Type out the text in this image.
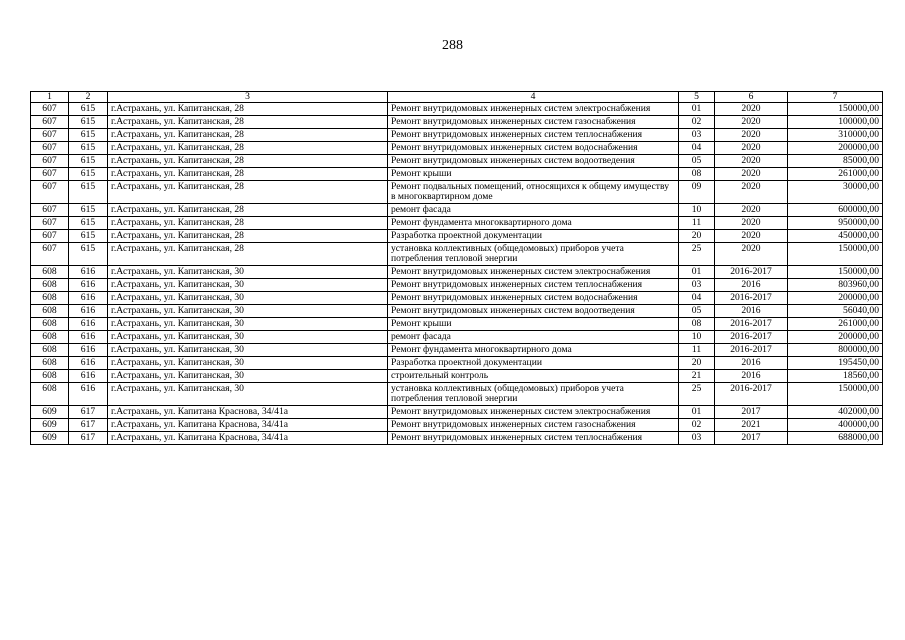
288
1	2	3	4	5	6	7
607	615	г.Астрахань, ул. Капитанская, 28	Ремонт внутридомовых инженерных систем электроснабжения	01	2020	150000,00
607	615	г.Астрахань, ул. Капитанская, 28	Ремонт внутридомовых инженерных систем газоснабжения	02	2020	100000,00
607	615	г.Астрахань, ул. Капитанская, 28	Ремонт внутридомовых инженерных систем теплоснабжения	03	2020	310000,00
607	615	г.Астрахань, ул. Капитанская, 28	Ремонт внутридомовых инженерных систем водоснабжения	04	2020	200000,00
607	615	г.Астрахань, ул. Капитанская, 28	Ремонт внутридомовых инженерных систем водоотведения	05	2020	85000,00
607	615	г.Астрахань, ул. Капитанская, 28	Ремонт крыши	08	2020	261000,00
607	615	г.Астрахань, ул. Капитанская, 28	Ремонт подвальных помещений, относящихся к общему имуществу в многоквартирном доме	09	2020	30000,00
607	615	г.Астрахань, ул. Капитанская, 28	ремонт фасада	10	2020	600000,00
607	615	г.Астрахань, ул. Капитанская, 28	Ремонт фундамента многоквартирного дома	11	2020	950000,00
607	615	г.Астрахань, ул. Капитанская, 28	Разработка проектной документации	20	2020	450000,00
607	615	г.Астрахань, ул. Капитанская, 28	установка коллективных (общедомовых) приборов учета потребления тепловой энергии	25	2020	150000,00
608	616	г.Астрахань, ул. Капитанская, 30	Ремонт внутридомовых инженерных систем электроснабжения	01	2016-2017	150000,00
608	616	г.Астрахань, ул. Капитанская, 30	Ремонт внутридомовых инженерных систем теплоснабжения	03	2016	803960,00
608	616	г.Астрахань, ул. Капитанская, 30	Ремонт внутридомовых инженерных систем водоснабжения	04	2016-2017	200000,00
608	616	г.Астрахань, ул. Капитанская, 30	Ремонт внутридомовых инженерных систем водоотведения	05	2016	56040,00
608	616	г.Астрахань, ул. Капитанская, 30	Ремонт крыши	08	2016-2017	261000,00
608	616	г.Астрахань, ул. Капитанская, 30	ремонт фасада	10	2016-2017	200000,00
608	616	г.Астрахань, ул. Капитанская, 30	Ремонт фундамента многоквартирного дома	11	2016-2017	800000,00
608	616	г.Астрахань, ул. Капитанская, 30	Разработка проектной документации	20	2016	195450,00
608	616	г.Астрахань, ул. Капитанская, 30	строительный контроль	21	2016	18560,00
608	616	г.Астрахань, ул. Капитанская, 30	установка коллективных (общедомовых) приборов учета потребления тепловой энергии	25	2016-2017	150000,00
609	617	г.Астрахань, ул. Капитана Краснова, 34/41а	Ремонт внутридомовых инженерных систем электроснабжения	01	2017	402000,00
609	617	г.Астрахань, ул. Капитана Краснова, 34/41а	Ремонт внутридомовых инженерных систем газоснабжения	02	2021	400000,00
609	617	г.Астрахань, ул. Капитана Краснова, 34/41а	Ремонт внутридомовых инженерных систем теплоснабжения	03	2017	688000,00
